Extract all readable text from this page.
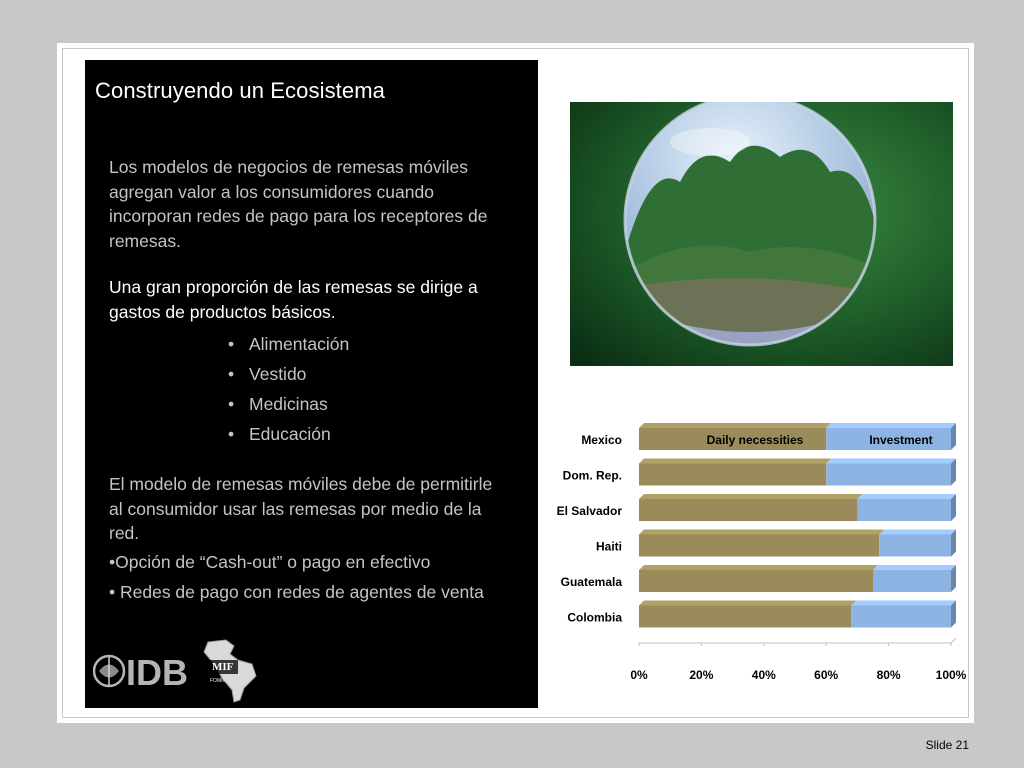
Construyendo un Ecosistema
Los modelos de negocios de remesas móviles agregan valor a los consumidores cuando incorporan redes de pago para los receptores de remesas.
Una gran proporción de las remesas se dirige a gastos de productos básicos.
• Alimentación
• Vestido
• Medicinas
• Educación
El modelo de remesas móviles debe de permitirle al consumidor usar las remesas por medio de la red.
•Opción de “Cash-out” o pago en efectivo
• Redes de pago con redes de agentes de venta
IDB MIF
FOMIN	0%	20%	40%	60%	80%	100%
Mexico
Dom. Rep.
El Salvador
Haiti
Guatemala
Colombia
Daily necessities	Investment
Slide 21
